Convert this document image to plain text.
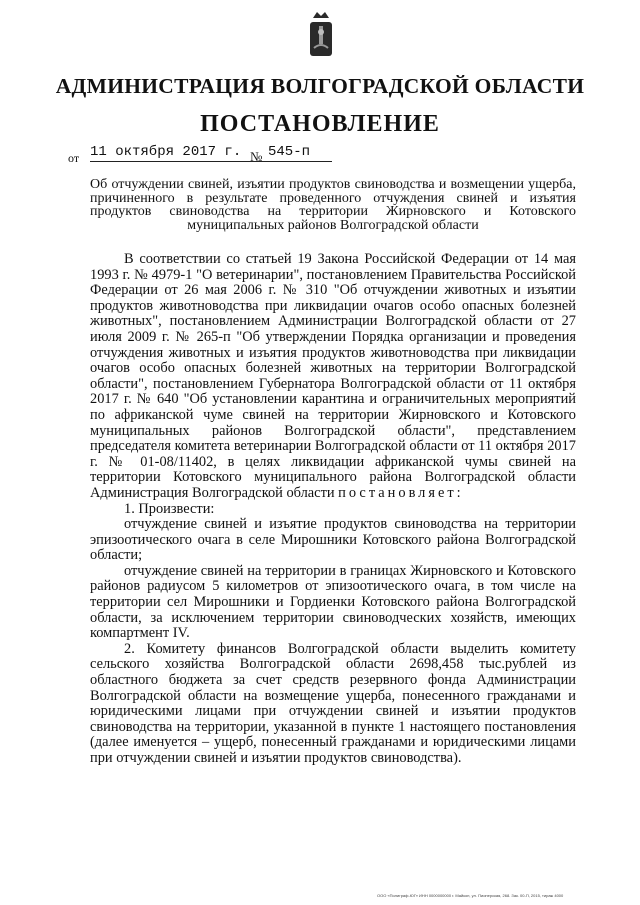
АДМИНИСТРАЦИЯ ВОЛГОГРАДСКОЙ ОБЛАСТИ
ПОСТАНОВЛЕНИЕ
от 11 октября 2017 г. № 545-п
Об отчуждении свиней, изъятии продуктов свиноводства и возмещении ущерба, причиненного в результате проведенного отчуждения свиней и изъятия продуктов свиноводства на территории Жирновского и Котовского муниципальных районов Волгоградской области

В соответствии со статьей 19 Закона Российской Федерации от 14 мая 1993 г. № 4979-1 "О ветеринарии", постановлением Правительства Российской Федерации от 26 мая 2006 г. № 310 "Об отчуждении животных и изъятии продуктов животноводства при ликвидации очагов особо опасных болезней животных", постановлением Администрации Волгоградской области от 27 июля 2009 г. № 265-п "Об утверждении Порядка организации и проведения отчуждения животных и изъятия продуктов животноводства при ликвидации очагов особо опасных болезней животных на территории Волгоградской области", постановлением Губернатора Волгоградской области от 11 октября 2017 г. № 640 "Об установлении карантина и ограничительных мероприятий по африканской чуме свиней на территории Жирновского и Котовского муниципальных районов Волгоградской области", представлением председателя комитета ветеринарии Волгоградской области от 11 октября 2017 г. № 01-08/11402, в целях ликвидации африканской чумы свиней на территории Котовского муниципального района Волгоградской области Администрация Волгоградской области постановляет:

1. Произвести:

отчуждение свиней и изъятие продуктов свиноводства на территории эпизоотического очага в селе Мирошники Котовского района Волгоградской области;

отчуждение свиней на территории в границах Жирновского и Котовского районов радиусом 5 километров от эпизоотического очага, в том числе на территории сел Мирошники и Гордиенки Котовского района Волгоградской области, за исключением территории свиноводческих хозяйств, имеющих компартмент IV.

2. Комитету финансов Волгоградской области выделить комитету сельского хозяйства Волгоградской области 2698,458 тыс.рублей из областного бюджета за счет средств резервного фонда Администрации Волгоградской области на возмещение ущерба, понесенного гражданами и юридическими лицами при отчуждении свиней и изъятии продуктов свиноводства на территории, указанной в пункте 1 настоящего постановления (далее именуется – ущерб, понесенный гражданами и юридическими лицами при отчуждении свиней и изъятии продуктов свиноводства).

ООО «Полиграф-ЮГ» ИНН 0000000000 г. Майкоп, ул. Пионерская, 268. Зак. 00-П, 2015, тираж 4000
